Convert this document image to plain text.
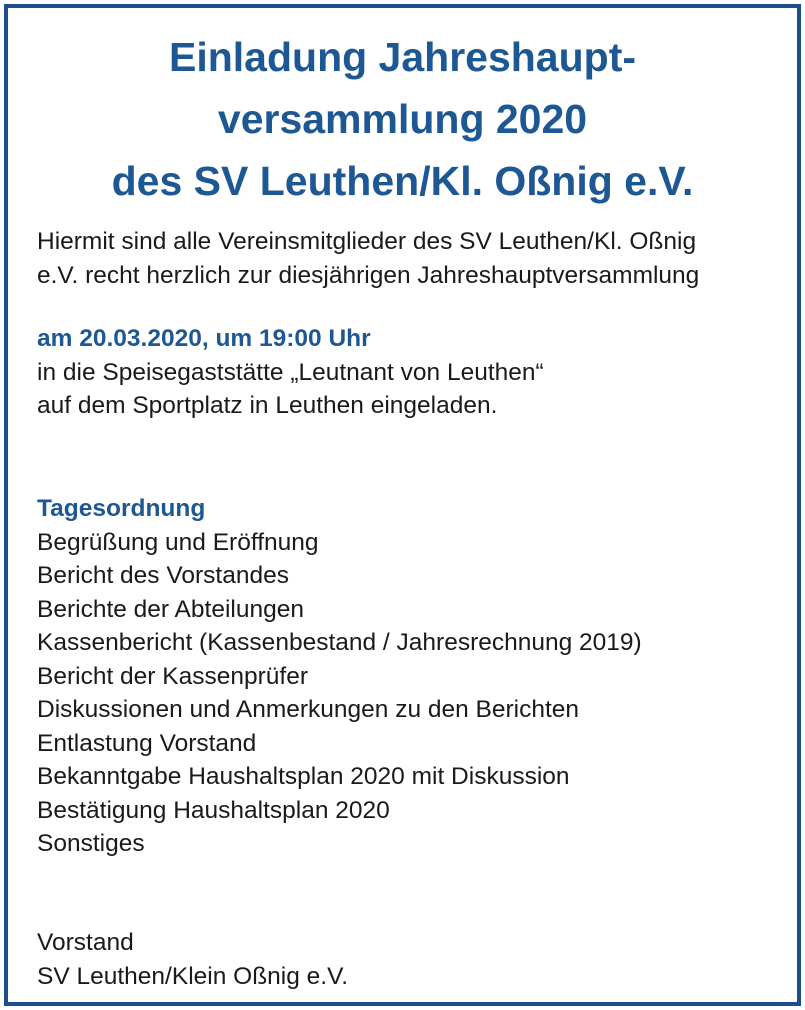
Einladung Jahreshaupt-
versammlung 2020
des SV Leuthen/Kl. Oßnig e.V.
Hiermit sind alle Vereinsmitglieder des SV Leuthen/Kl. Oßnig
e.V. recht herzlich zur diesjährigen Jahreshauptversammlung
am 20.03.2020, um 19:00 Uhr
in die Speisegaststätte „Leutnant von Leuthen“
auf dem Sportplatz in Leuthen eingeladen.
Tagesordnung
Begrüßung und Eröffnung
Bericht des Vorstandes
Berichte der Abteilungen
Kassenbericht (Kassenbestand / Jahresrechnung 2019)
Bericht der Kassenprüfer
Diskussionen und Anmerkungen zu den Berichten
Entlastung Vorstand
Bekanntgabe Haushaltsplan 2020 mit Diskussion
Bestätigung Haushaltsplan 2020
Sonstiges
Vorstand
SV Leuthen/Klein Oßnig e.V.
